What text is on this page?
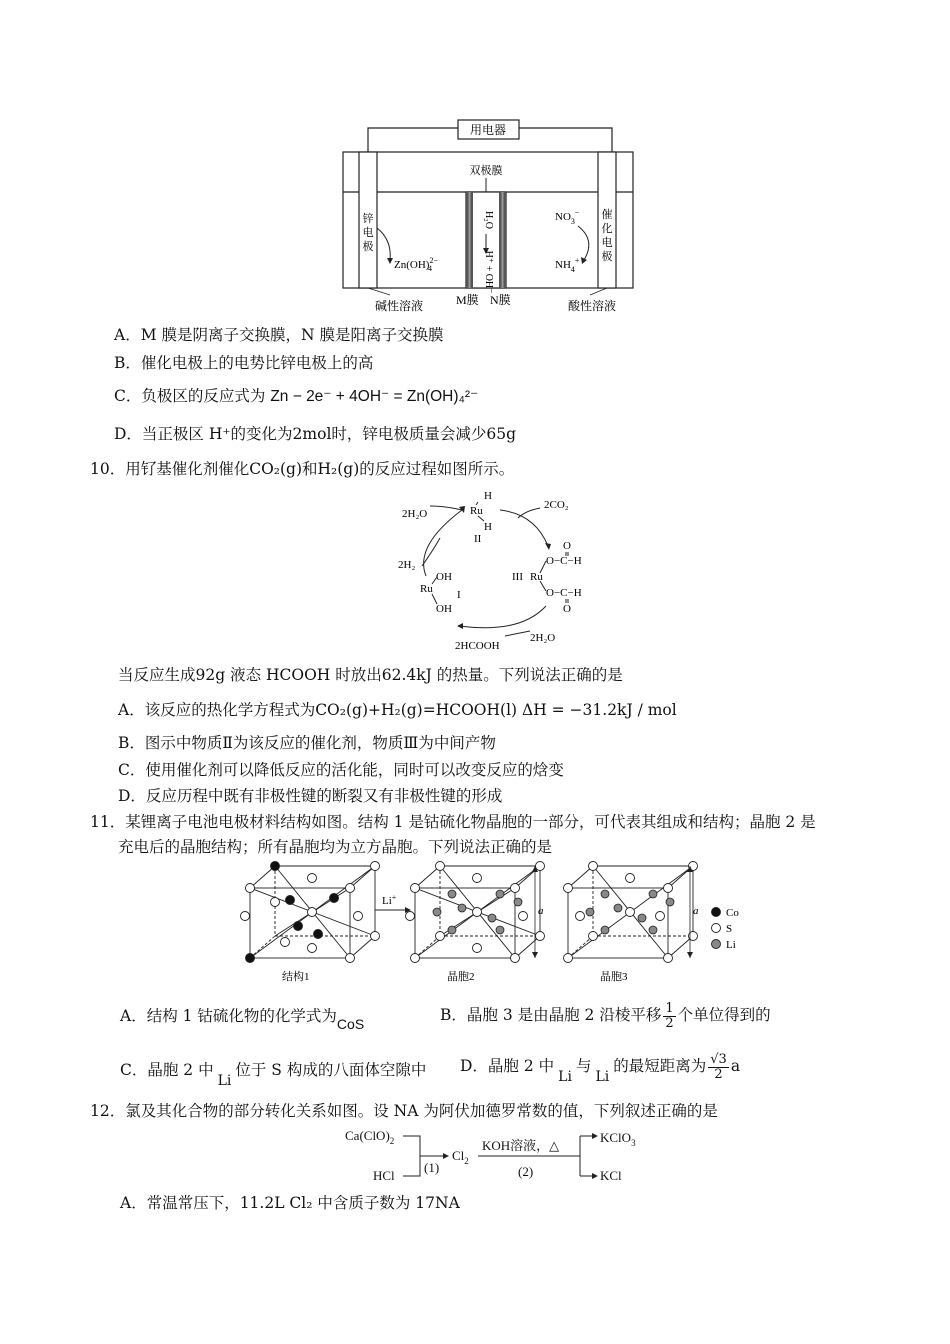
用电器
双极膜
锌
电
极
催
化
电
极
Zn(OH)$^{2-}$ 4
H₂O
H⁺ + OH⁻
$NO_3^-$
$NH_4^+$
碱性溶液	M膜 N膜	酸性溶液
A．M 膜是阴离子交换膜，N 膜是阳离子交换膜
B．催化电极上的电势比锌电极上的高
C．负极区的反应式为 Zn − 2e⁻ + 4OH⁻ = Zn(OH)₄²⁻
D．当正极区 H⁺的变化为2mol时，锌电极质量会减少65g
10．用钌基催化剂催化CO₂(g)和H₂(g)的反应过程如图所示。
H
Ru
H
II
2H₂O
2H₂
OH
Ru I
OH
2HCOOH
2CO₂
O
O−C−H
III Ru
O−C−H
O
2H₂O
当反应生成92g 液态 HCOOH 时放出62.4kJ 的热量。下列说法正确的是
A．该反应的热化学方程式为CO₂(g)+H₂(g)=HCOOH(l) ΔH = −31.2kJ / mol
B．图示中物质Ⅱ为该反应的催化剂，物质Ⅲ为中间产物
C．使用催化剂可以降低反应的活化能，同时可以改变反应的焓变
D．反应历程中既有非极性键的断裂又有非极性键的形成
11．某锂离子电池电极材料结构如图。结构 1 是钴硫化物晶胞的一部分，可代表其组成和结构；晶胞 2 是
充电后的晶胞结构；所有晶胞均为立方晶胞。下列说法正确的是
Li+
a	a	Co
S
Li
结构1	晶胞2	晶胞3
A．结构 1 钴硫化物的化学式为CoS	B．晶胞 3 是由晶胞 2 沿棱平移 $\frac{1}{2}$ 个单位得到的
C．晶胞 2 中Li位于 S 构成的八面体空隙中 D．晶胞 2 中Li与Li的最短距离为 $\frac{√3}{2}$ a
12．氯及其化合物的部分转化关系如图。设 NA 为阿伏加德罗常数的值，下列叙述正确的是
$Ca(ClO)_2$
HCl
(1)
$Cl_2$
KOH溶液，△
(2)
KClO$_3$
KCl
A．常温常压下，11.2L Cl₂ 中含质子数为 17NA
